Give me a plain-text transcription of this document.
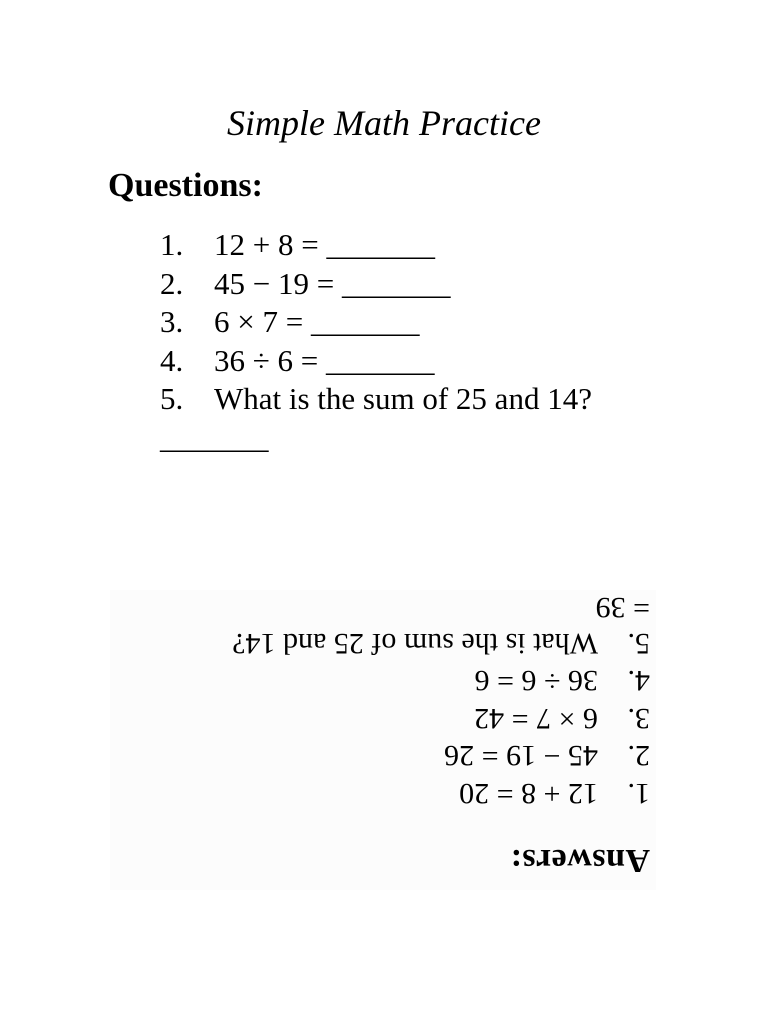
Simple Math Practice
Questions:
1. 12 + 8 = _______
2. 45 − 19 = _______
3. 6 × 7 = _______
4. 36 ÷ 6 = _______
5. What is the sum of 25 and 14?
_______
Answers:
1.12 + 8 = 20
2.45 − 19 = 26
3.6 × 7 = 42
4.36 ÷ 6 = 6
5.What is the sum of 25 and 14?
= 39
